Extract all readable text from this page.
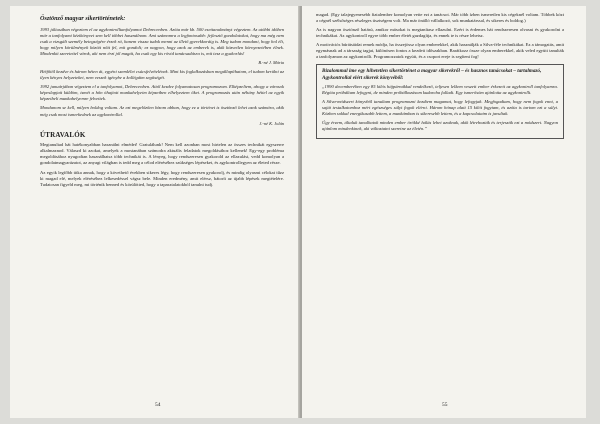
Ösztönző magyar sikertörténetek:

1993 júliusában végeztem el az agykontrolltanfolyamot Debrecenben. Azóta már kb. 500 esettanulmányt végeztem. Az utóbbi időben már a tanfolyami kézikönyvet sem kell többet használnom. Ami számomra a legfontosabb: fejlesztő gondolatokat, hogy ma még nem csak a vizsgált személy betegségére érzek rá, hanem vissza tudok menni az illető gyerekkoráig is. Meg tudom mondani, hogy hol élt, hogy milyen körülmények között nőtt fel, mit gondolt; ez nagyon, hogy azok az emberek is, akik közvetlen környezetében élnek. Mindenkit szeretettel várok, aki nem érzi jól magát, ha csak egy kis rövid tanácsadásra is, mit tesz a gyakorlás!

B.-né J. Mária

Hétfőtől kezdve és három héten át, egyéni szemlélet csúcsfelvételének. Mint kis foglalkozásban megállapíthatom, el tudom kerülni az ilyen kényes helyzeteket, nem veszek igénybe a kollégáim segítségét.

1992 januárjában végeztem el a tanfolyamot, Debrecenben. Attól kezdve folyamatosan programozom. Elképzeltem, ahogy a városok képeslapjait küldöm, ismét a hőn óhajtott munkahelyeim képzetben elhelyeztem őket. A programozás után néhány héttel az egyik képzetbeli munkahelyemre felvettek.

Mondanom se kell, milyen boldog voltam. Az ezt megelőzően bízom abban, hogy ez a történet is ösztönző lehet azok számára, akik még csak most ismerkednek az agykontrollal.

J.-né K. Jolán
ÚTRAVALÓK

Megtanultad hát hatékonyabban használni elmédet! Gratulálunk! Nem kell azonban most hirtelen az összes technikát egyszerre alkalmaznod. Válaszd ki azokat, amelyek a mostanában számodra aktuális feladatok megoldásához kellenek! Egy-egy probléma megoldásához nyugodtan használhatsz több technikát is. A lényeg, hogy rendszeresen gyakorold az ellazulást, vedd komolyan a gondolatmagyarázatot, az anyagi világban is tedd meg a célod eléréséhez szükséges lépéseket, és agykontrollegyen az életed része.

Az egyik legfőbb titka annak, hogy a követhető években sikeres légy, hogy rendszeresen gyakorolj, és mindig olyasmi célokat tűzz ki magad elé, melyek eléréséhez lelkesedéssel vágsz bele. Minden eredmény, amit elérsz, bátorít az újabb lépések megtételére. Tudatosan figyeld meg, mi történik benned és körülötted, hogy a tapasztalatokból tanulni tudj.

54

magad. (Egy talajegyenesebb fiatalember komolyan vette ezt a tanácsot. Már több ízben ismeretlen kis cégeknél voltam. Többek közt a cégnél szélsőséges részleges tisztségem volt. Ma már önálló vállalkozó, sok munkatárssal, és sikeres és boldog.)

Az is nagyon ösztönző hatású, amikor másokat is megtanítasz ellazulni. Ezért is érdemes hát rendszeresen olvasni és gyakorolni a technikákat. Az agykontroll egyre több ember életét gazdagítja, és ennek te is része lehetsz.

A motivációs búrátsáidat remek módja, ha összejössz olyan emberekkel, akik használják a Silva-féle technikákat. Ez a támogatás, amit egymásnak ad a társaság tagjai, különösen fontos a kezdeti időszakban. Barátkozz össze olyan emberekkel, akik veled együtt tanulták a tanfolyamon az agykontrollt. Programozzatok együtt, és a csoport ereje is segíteni fog!

Bizalommal ime egy hihetetlen sikertörténet a magyar sikerekről – és hasznos tanácsokat – tartalmazó, Agykontrollal elért sikerek könyvéből:

„1990 decemberében egy 85 kilós hájpárnákkal rendelkező, teljesen lelkem veszett ember érkezett az agykontroll tanfolyamra. Régóta próbáltam lefogyni, de minden próbálkozásom kudarcba fulladt. Egy ismerősöm ajánlotta az agykontrollt.

A Silva-módszert könyvből tanultam programozni kezdtem magamat, hogy lefogyjak. Megfogadtam, hogy nem fogok enni, a saját testalkatomhoz mért egészséges súlyt fogok elérni. Három hónap alatt 15 kilót fogytam, és azóta is tartom ezt a súlyt. Közben sokkal energikusabb lettem, a munkámban is sikeresebb lettem, és a kapcsolataim is javultak.

Úgy érzem, általuk tanulhatok minden ember örökké hálás lehet azoknak, akik létrehozták és terjesztik ezt a módszert. Nagyon ajánlom mindenkinek, aki változtatni szeretne az életén.”

55
